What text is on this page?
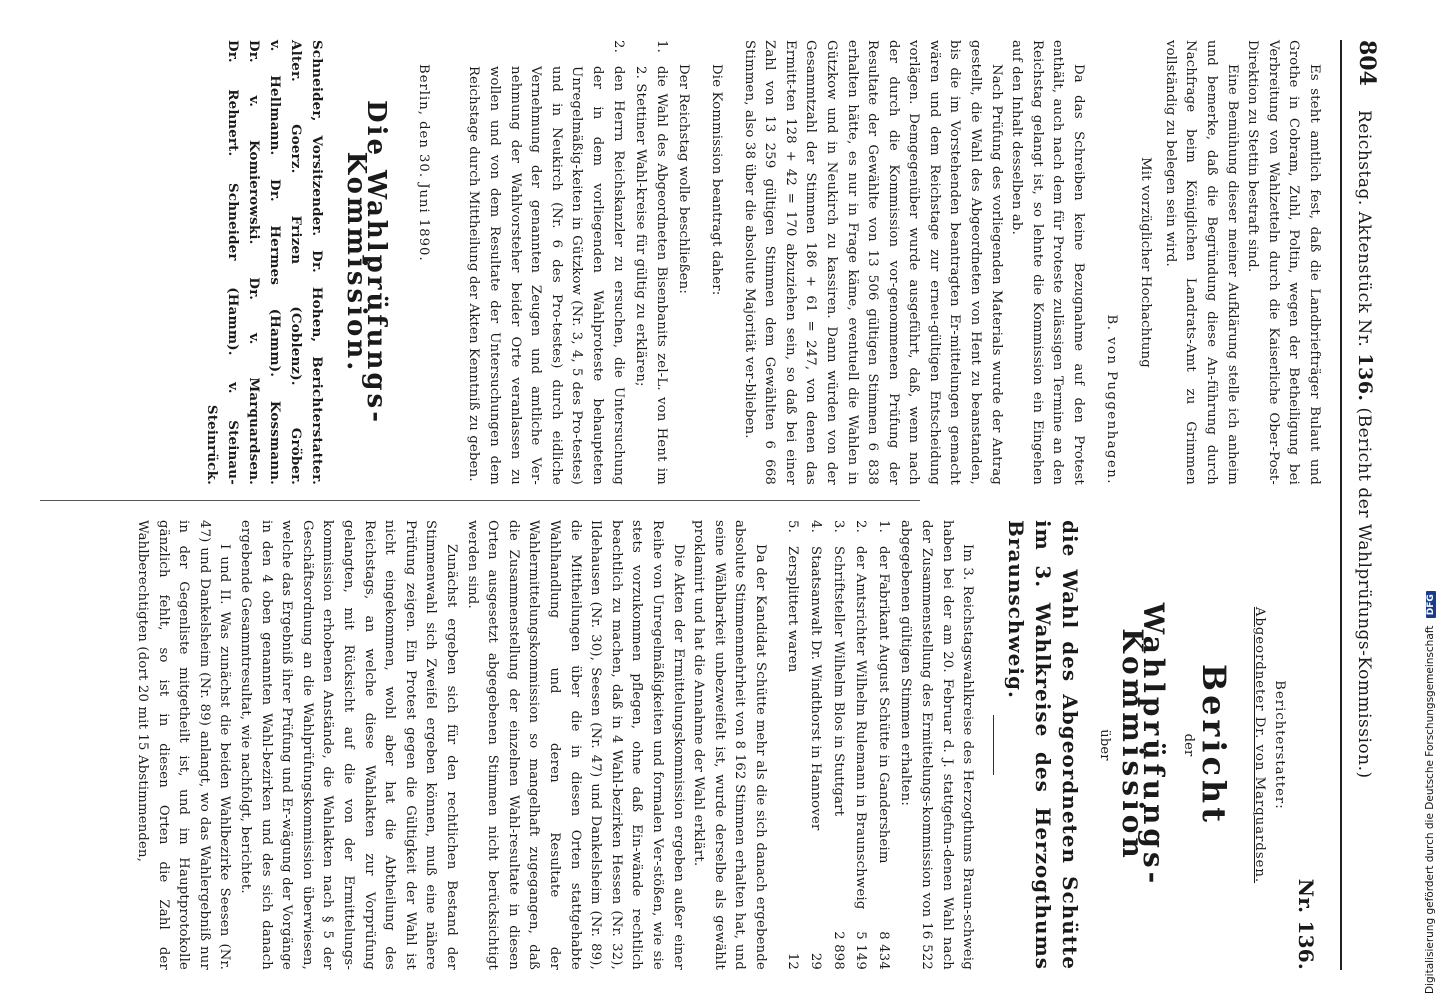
804
Reichstag. Aktenstück Nr. 136. (Bericht der Wahlprüfungs-Kommission.)

Es steht amtlich fest, daß die Landbriefträger Bulaut und Grothe in Cobram, Zuhl, Poltin, wegen der Betheiligung bei Verbreitung von Wahlzetteln durch die Kaiserliche Ober-Post-Direktion zu Stettin bestraft sind.

Eine Bemühung dieser meiner Aufklärung stelle ich anheim und bemerke, daß die Begründung diese An-führung durch Nachfrage beim Königlichen Landrats-Amt zu Grimmen vollständig zu belegen sein wird.

Mit vorzüglicher Hochachtung
B. von Puggenhagen.

Da das Schreiben keine Bezugnahme auf den Protest enthält, auch nach dem für Proteste zulässigen Termine an den Reichstag gelangt ist, so lehnte die Kommission ein Eingehen auf den Inhalt desselben ab.

Nach Prüfung des vorliegenden Materials wurde der Antrag gestellt, die Wahl des Abgeordneten von Hent zu beanstanden, bis die im Vorstehenden beantragten Er-mittelungen gemacht wären und dem Reichstage zur erneu-gültigen Entscheidung vorlägen. Demgegenüber wurde ausgeführt, daß, wenn nach der durch die Kommission vor-genommenen Prüfung der Resultate der Gewählte von 13 506 gültigen Stimmen 6 838 erhalten hätte, es nur in Frage käme, eventuell die Wahlen in Gützkow und in Neukirch zu kassiren. Dann würden von der Gesammtzahl der Stimmen 186 + 61 = 247, von denen das Ermitt-ten 128 + 42 = 170 abzuziehen sein, so daß bei einer Zahl von 13 259 gültigen Stimmen dem Gewählten 6 668 Stimmen, also 38 über die absolute Majorität ver-blieben.

Die Kommission beantragt daher:

Der Reichstag wolle beschließen:

1.
die Wahl des Abgeordneten Bisenbanits zel-L. von Hent im 2. Stettiner Wahl-kreise für gültig zu erklären;
2.
den Herrn Reichskanzler zu ersuchen, die Untersuchung der in dem vorliegenden Wahlproteste behaupteten Unregelmäßig-keiten in Gützkow (Nr. 3, 4, 5 des Pro-testes) und in Neukirch (Nr. 6 des Pro-testes) durch eidliche Vernehmung der genannten Zeugen und amtliche Ver-nehmung der Wahlvorsteher beider Orte veranlassen zu wollen und von dem Resultate der Untersuchungen dem Reichstage durch Mittheilung der Akten Kenntniß zu geben.

Berlin, den 30. Juni 1890.

Die Wahlprüfungs-Kommission.
Schneider, Vorsitzender. Dr. Hohen, Berichterstatter.
Alter. Goerz. Frizen (Coblenz). Gröber.
v. Hellmann. Dr. Hermes (Hamm). Kossmann.
Dr. v. Komierowski. Dr. v. Marquardsen.
Dr. Rehnert. Schneider (Hamm). v. Steinau-
Steinrück.
Nr. 136.
Berichterstatter:
Abgeordneter Dr. von Marquardsen.
Bericht
der
Wahlprüfungs-Kommission
über
die Wahl des Abgeordneten Schütte im 3. Wahlkreise des Herzogthums Braunschweig.

Im 3. Reichstagswahlkreise des Herzogthums Braun-schweig haben bei der am 20. Februar d. J. stattgefun-denen Wahl nach der Zusammenstellung des Ermittelungs-kommission von 16 522 abgegebenen gültigen Stimmen erhalten:

1.
der Fabrikant August Schütte in Gandersheim
8 434
2.
der Amtsrichter Wilhelm Rulemann in Braunschweig
5 149
3.
Schriftsteller Wilhelm Blos in Stuttgart
2 898
4.
Staatsanwalt Dr. Windthorst in Hannover
29
5.
Zersplittert waren
12

Da der Kandidat Schütte mehr als die sich danach ergebende absolute Stimmenmehrheit von 8 162 Stimmen erhalten hat, und seine Wählbarkeit unbezweifelt ist, wurde derselbe als gewählt proklamirt und hat die Annahme der Wahl erklärt.

Die Akten der Ermittelungskommission ergeben außer einer Reihe von Unregelmäßigkeiten und formalen Ver-stößen, wie sie stets vorzukommen pflegen, ohne daß Ein-wände rechtlich beachtlich zu machen, daß in 4 Wahl-bezirken Hessen (Nr. 32), Ildehausen (Nr. 30), Seesen (Nr. 47) und Dankelsheim (Nr. 89), die Mittheilungen über die in diesen Orten stattgehabte Wahlhandlung und deren Resultate der Wahlermittelungskommission so mangelhaft zugegangen, daß die Zusammenstellung der einzelnen Wahl-resultate in diesen Orten ausgesetzt abgegebenen Stimmen nicht berücksichtigt werden sind.

Zunächst ergeben sich für den rechtlichen Bestand der Stimmenwahl sich Zweifel ergeben können, muß eine nähere Prüfung zeigen. Ein Protest gegen die Gültigkeit der Wahl ist nicht eingekommen, wohl aber hat die Abtheilung des Reichstags, an welche diese Wahlakten zur Vorprüfung gelangten, mit Rücksicht auf die von der Ermittelungs-kommission erhobenen Anstände, die Wahlakten nach § 5 der Geschäftsordnung an die Wahlprüfungskommission überwiesen, welche das Ergebniß ihrer Prüfung und Er-wägung der Vorgänge in den 4 oben genannten Wahl-bezirken und des sich danach ergebende Gesammtresultat, wie nachfolgt, berichtet.

I und II. Was zunächst die beiden Wahlbezirke Seesen (Nr. 47) und Dankelsheim (Nr. 89) anlangt, wo das Wahlergebniß nur in der Gegenliste mitgetheilt ist, und im Hauptprotokolle gänzlich fehlt, so ist in diesen Orten die Zahl der Wahlberechtigten (dort 20 mit 15 Abstimmenden,	Digitalisierung gefördert durch die Deutsche Forschungsgemeinschaft DFG
